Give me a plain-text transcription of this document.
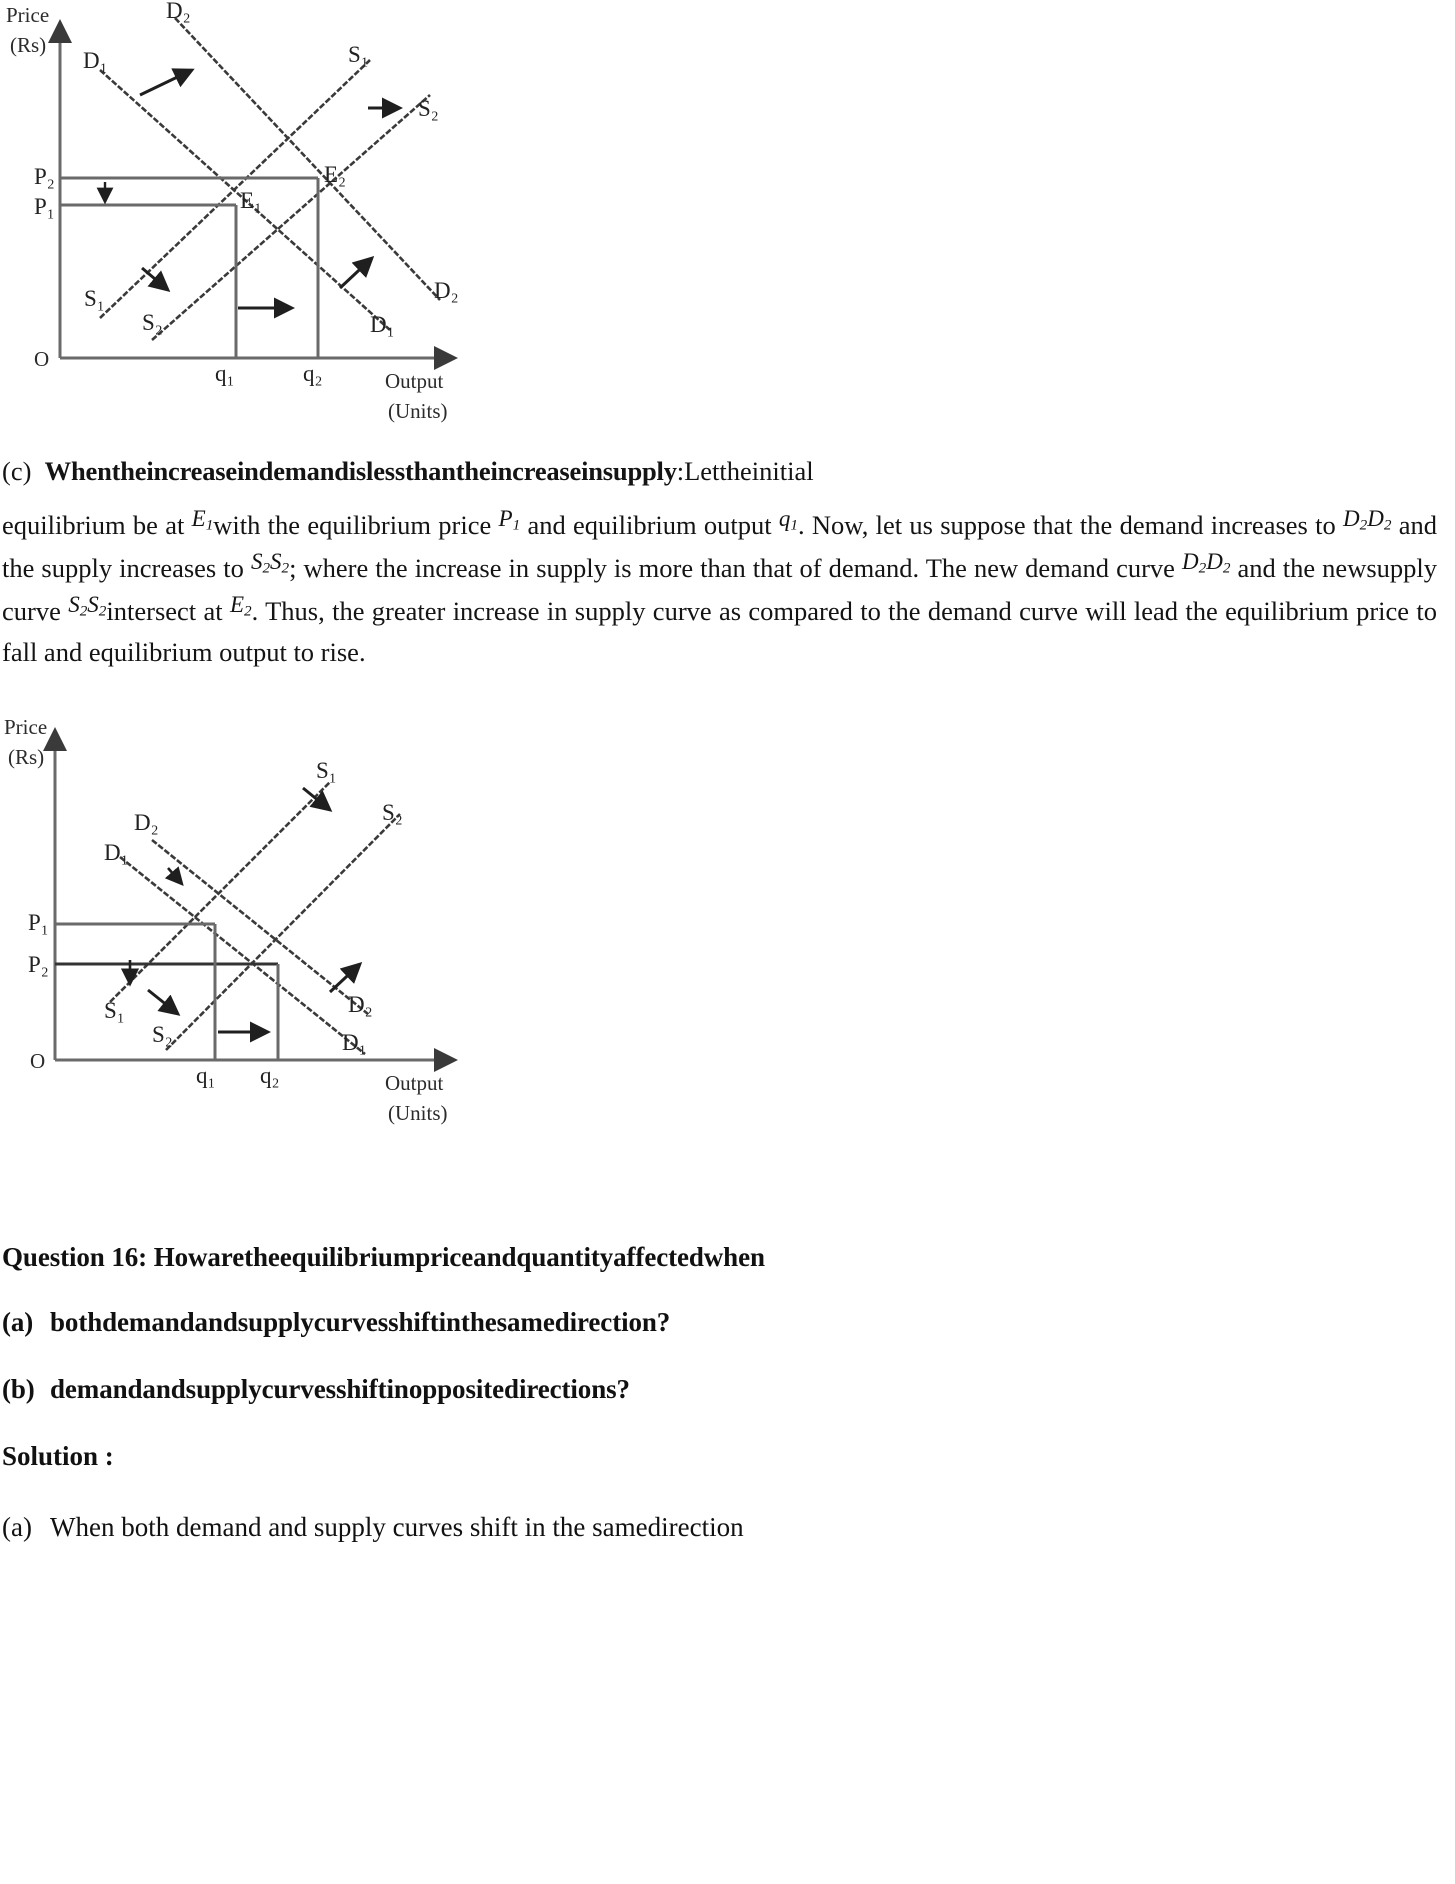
Price
(Rs)
Output
(Units)
O
P₂
P₁
q₁	q₂
E₁
E₂
D₁
D₂
S₁
S₂
S₁
S₂
D₂
D₁
(c) Whentheincreaseindemandislessthantheincreaseinsupply:Lettheinitial
equilibrium be at $E_1with$ the equilibrium price $P_1$ and equilibrium output $q_1$. Now, let us suppose that the demand increases to $D_2D_2$ and the supply increases to $S_2S_2$; where the increase in supply is more than that of demand. The new demand curve $D_2D_2$ and the newsupply curve $S_2S_2intersect$ at $E_2$. Thus, the greater increase in supply curve as compared to the demand curve will lead the equilibrium price to fall and equilibrium output to rise.
Price
(Rs)
Output
(Units)
O
P₁
P₂
q₁ q₂
D₂
D₁
S₁
S₂
S₁
S₂
D₂
D₁
Question 16: Howaretheequilibriumpriceandquantityaffectedwhen
(a) bothdemandandsupplycurvesshiftinthesamedirection?
(b) demandandsupplycurvesshiftinoppositedirections?
Solution :
(a) When both demand and supply curves shift in the samedirection
